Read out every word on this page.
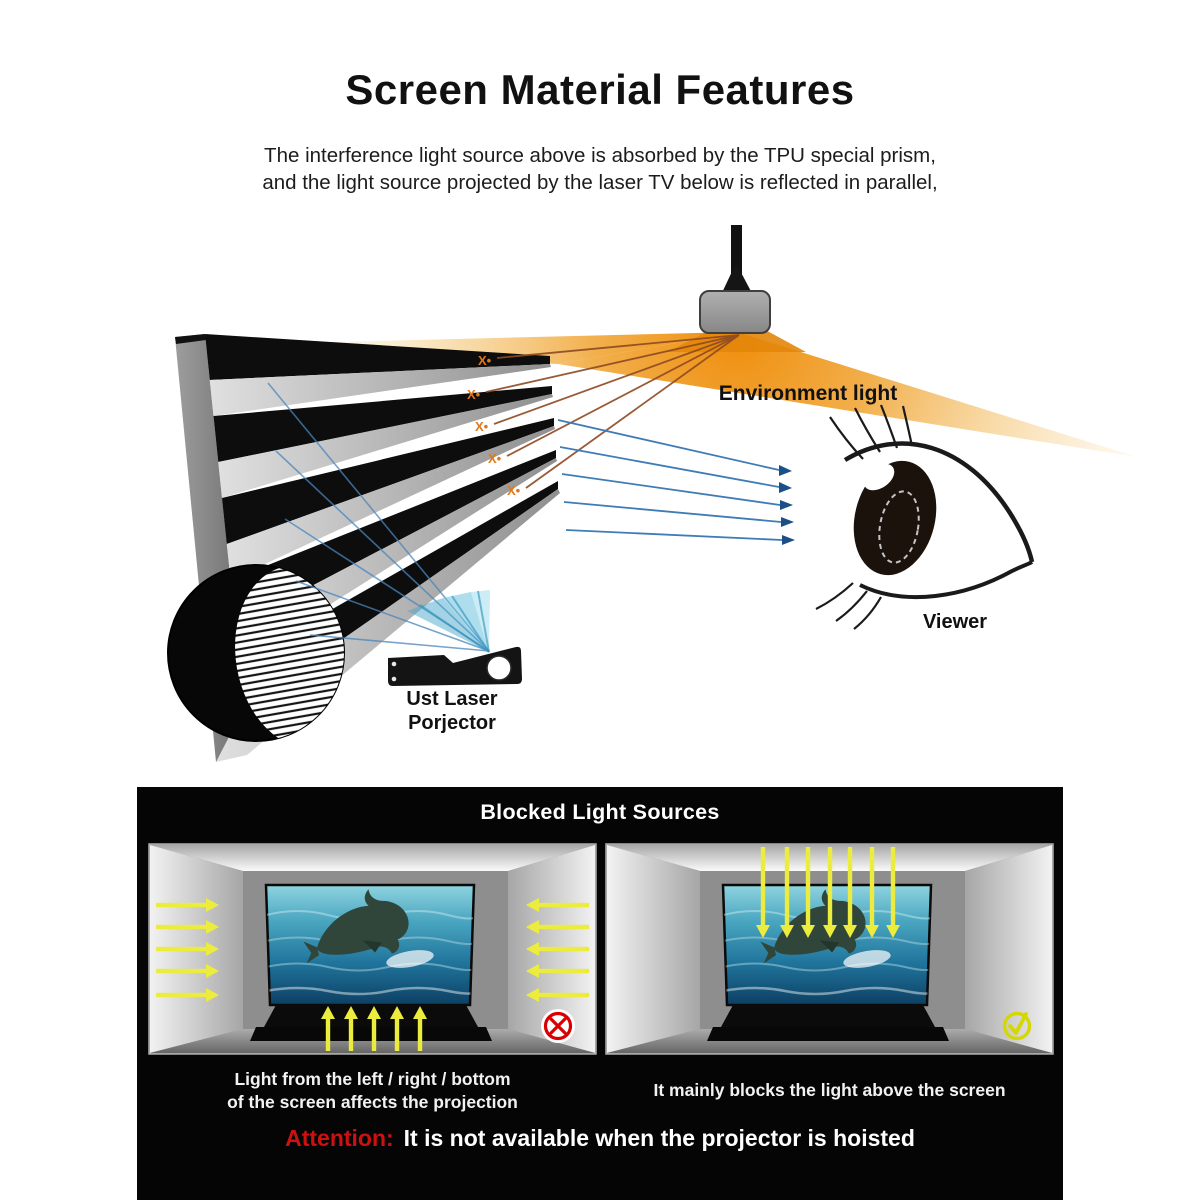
Screen Material Features

The interference light source above is absorbed by the TPU special prism,
and the light source projected by the laser TV below is reflected in parallel,

X•
X•
X•
X•
X•
Ust Laser
Porjector
Environment light
Viewer
Blocked Light Sources
Light from the left / right / bottom
of the screen affects the projection
It mainly blocks the light above the screen
Attention: It is not available when the projector is hoisted
